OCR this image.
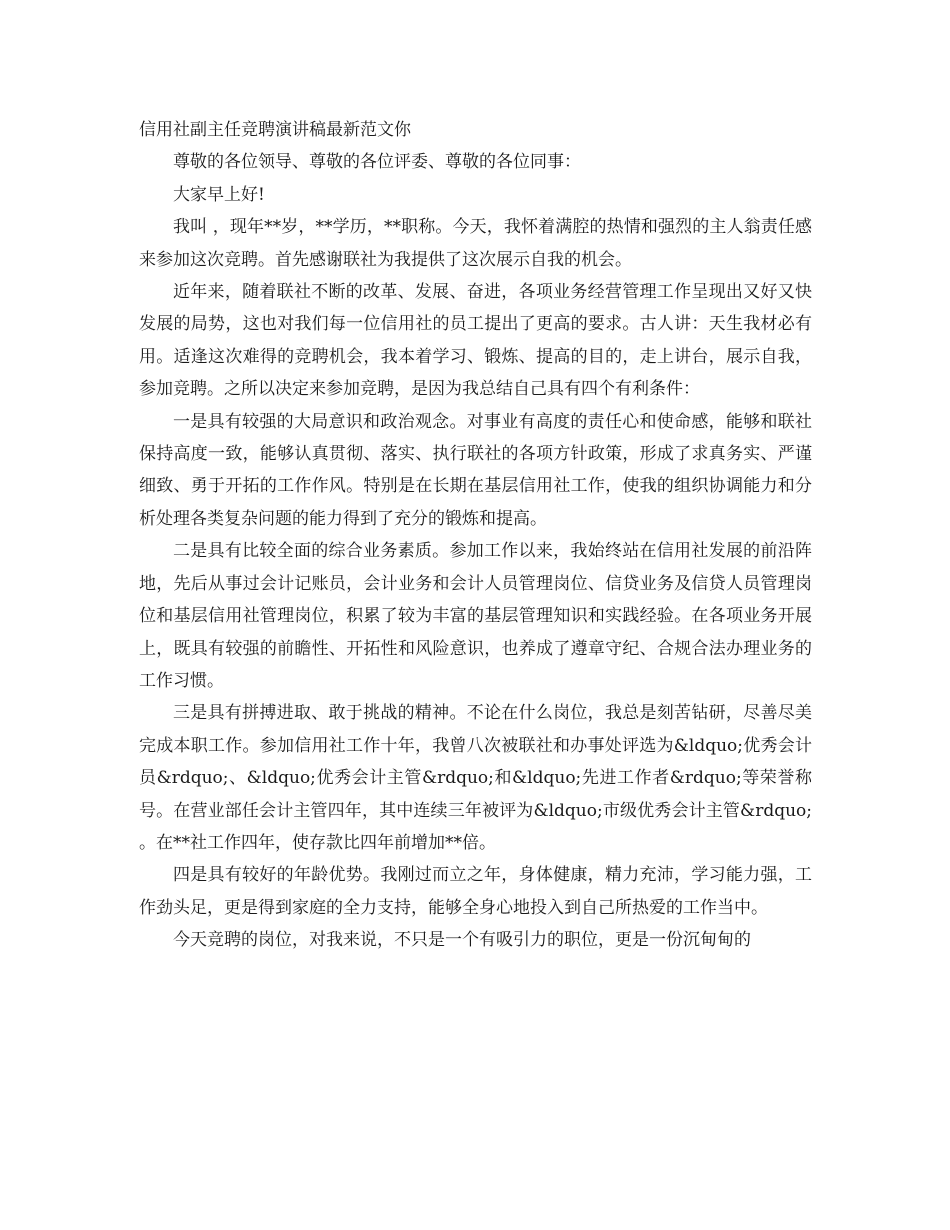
信用社副主任竞聘演讲稿最新范文你

尊敬的各位领导、尊敬的各位评委、尊敬的各位同事：

大家早上好!

我叫 ，现年**岁，**学历，**职称。今天，我怀着满腔的热情和强烈的主人翁责任感来参加这次竞聘。首先感谢联社为我提供了这次展示自我的机会。

近年来，随着联社不断的改革、发展、奋进，各项业务经营管理工作呈现出又好又快发展的局势，这也对我们每一位信用社的员工提出了更高的要求。古人讲：天生我材必有用。适逢这次难得的竞聘机会，我本着学习、锻炼、提高的目的，走上讲台，展示自我，参加竞聘。之所以决定来参加竞聘，是因为我总结自己具有四个有利条件：

一是具有较强的大局意识和政治观念。对事业有高度的责任心和使命感，能够和联社保持高度一致，能够认真贯彻、落实、执行联社的各项方针政策，形成了求真务实、严谨细致、勇于开拓的工作作风。特别是在长期在基层信用社工作，使我的组织协调能力和分析处理各类复杂问题的能力得到了充分的锻炼和提高。

二是具有比较全面的综合业务素质。参加工作以来，我始终站在信用社发展的前沿阵地，先后从事过会计记账员，会计业务和会计人员管理岗位、信贷业务及信贷人员管理岗位和基层信用社管理岗位，积累了较为丰富的基层管理知识和实践经验。在各项业务开展上，既具有较强的前瞻性、开拓性和风险意识，也养成了遵章守纪、合规合法办理业务的工作习惯。

三是具有拼搏进取、敢于挑战的精神。不论在什么岗位，我总是刻苦钻研，尽善尽美完成本职工作。参加信用社工作十年，我曾八次被联社和办事处评选为&ldquo;优秀会计员&rdquo;、&ldquo;优秀会计主管&rdquo;和&ldquo;先进工作者&rdquo;等荣誉称号。在营业部任会计主管四年，其中连续三年被评为&ldquo;市级优秀会计主管&rdquo;。在**社工作四年，使存款比四年前增加**倍。

四是具有较好的年龄优势。我刚过而立之年，身体健康，精力充沛，学习能力强，工作劲头足，更是得到家庭的全力支持，能够全身心地投入到自己所热爱的工作当中。

今天竞聘的岗位，对我来说，不只是一个有吸引力的职位，更是一份沉甸甸的
